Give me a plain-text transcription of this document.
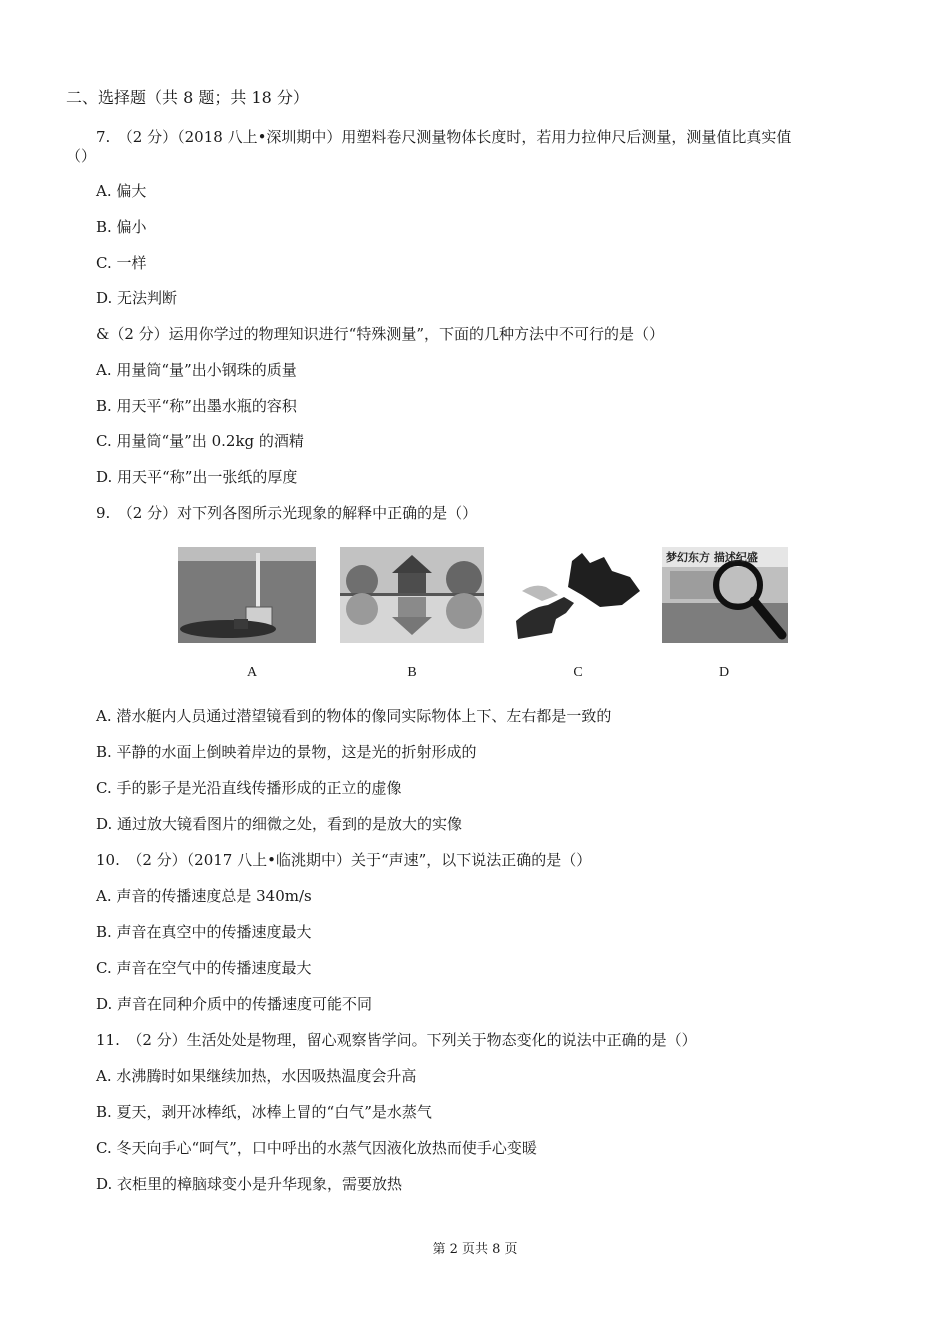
二、选择题（共 8 题；共 18 分）
7.　（2 分）（2018 八上•深圳期中）用塑料卷尺测量物体长度时，若用力拉伸尺后测量，测量值比真实值
（）
A. 偏大
B. 偏小
C. 一样
D. 无法判断
&（2 分）运用你学过的物理知识进行“特殊测量”，下面的几种方法中不可行的是（）
A. 用量筒“量”出小钢珠的质量
B. 用天平“称”出墨水瓶的容积
C. 用量筒“量”出 0.2kg 的酒精
D. 用天平“称”出一张纸的厚度
9.　（2 分）对下列各图所示光现象的解释中正确的是（）
A	B	C
梦幻东方 描述纪盛
D
A. 潜水艇内人员通过潜望镜看到的物体的像同实际物体上下、左右都是一致的
B. 平静的水面上倒映着岸边的景物，这是光的折射形成的
C. 手的影子是光沿直线传播形成的正立的虚像
D. 通过放大镜看图片的细微之处，看到的是放大的实像
10.　（2 分）（2017 八上•临洮期中）关于“声速”，以下说法正确的是（）
A. 声音的传播速度总是 340m/s
B. 声音在真空中的传播速度最大
C. 声音在空气中的传播速度最大
D. 声音在同种介质中的传播速度可能不同
11.　（2 分）生活处处是物理，留心观察皆学问。下列关于物态变化的说法中正确的是（）
A. 水沸腾时如果继续加热，水因吸热温度会升高
B. 夏天，剥开冰棒纸，冰棒上冒的“白气”是水蒸气
C. 冬天向手心“呵气”，口中呼出的水蒸气因液化放热而使手心变暖
D. 衣柜里的樟脑球变小是升华现象，需要放热
第 2 页共 8 页
